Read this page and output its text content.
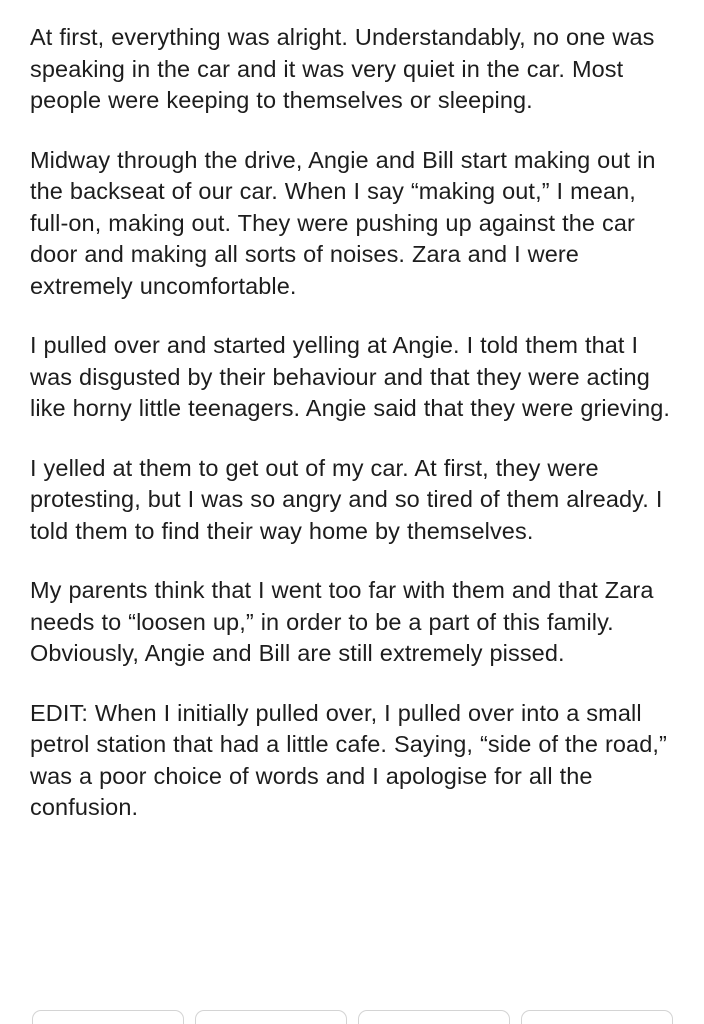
At first, everything was alright. Understandably, no one was speaking in the car and it was very quiet in the car. Most people were keeping to themselves or sleeping.

Midway through the drive, Angie and Bill start making out in the backseat of our car. When I say “making out,” I mean, full-on, making out. They were pushing up against the car door and making all sorts of noises. Zara and I were extremely uncomfortable.

I pulled over and started yelling at Angie. I told them that I was disgusted by their behaviour and that they were acting like horny little teenagers. Angie said that they were grieving.

I yelled at them to get out of my car. At first, they were protesting, but I was so angry and so tired of them already. I told them to find their way home by themselves.

My parents think that I went too far with them and that Zara needs to “loosen up,” in order to be a part of this family. Obviously, Angie and Bill are still extremely pissed.

EDIT: When I initially pulled over, I pulled over into a small petrol station that had a little cafe. Saying, “side of the road,” was a poor choice of words and I apologise for all the confusion.
